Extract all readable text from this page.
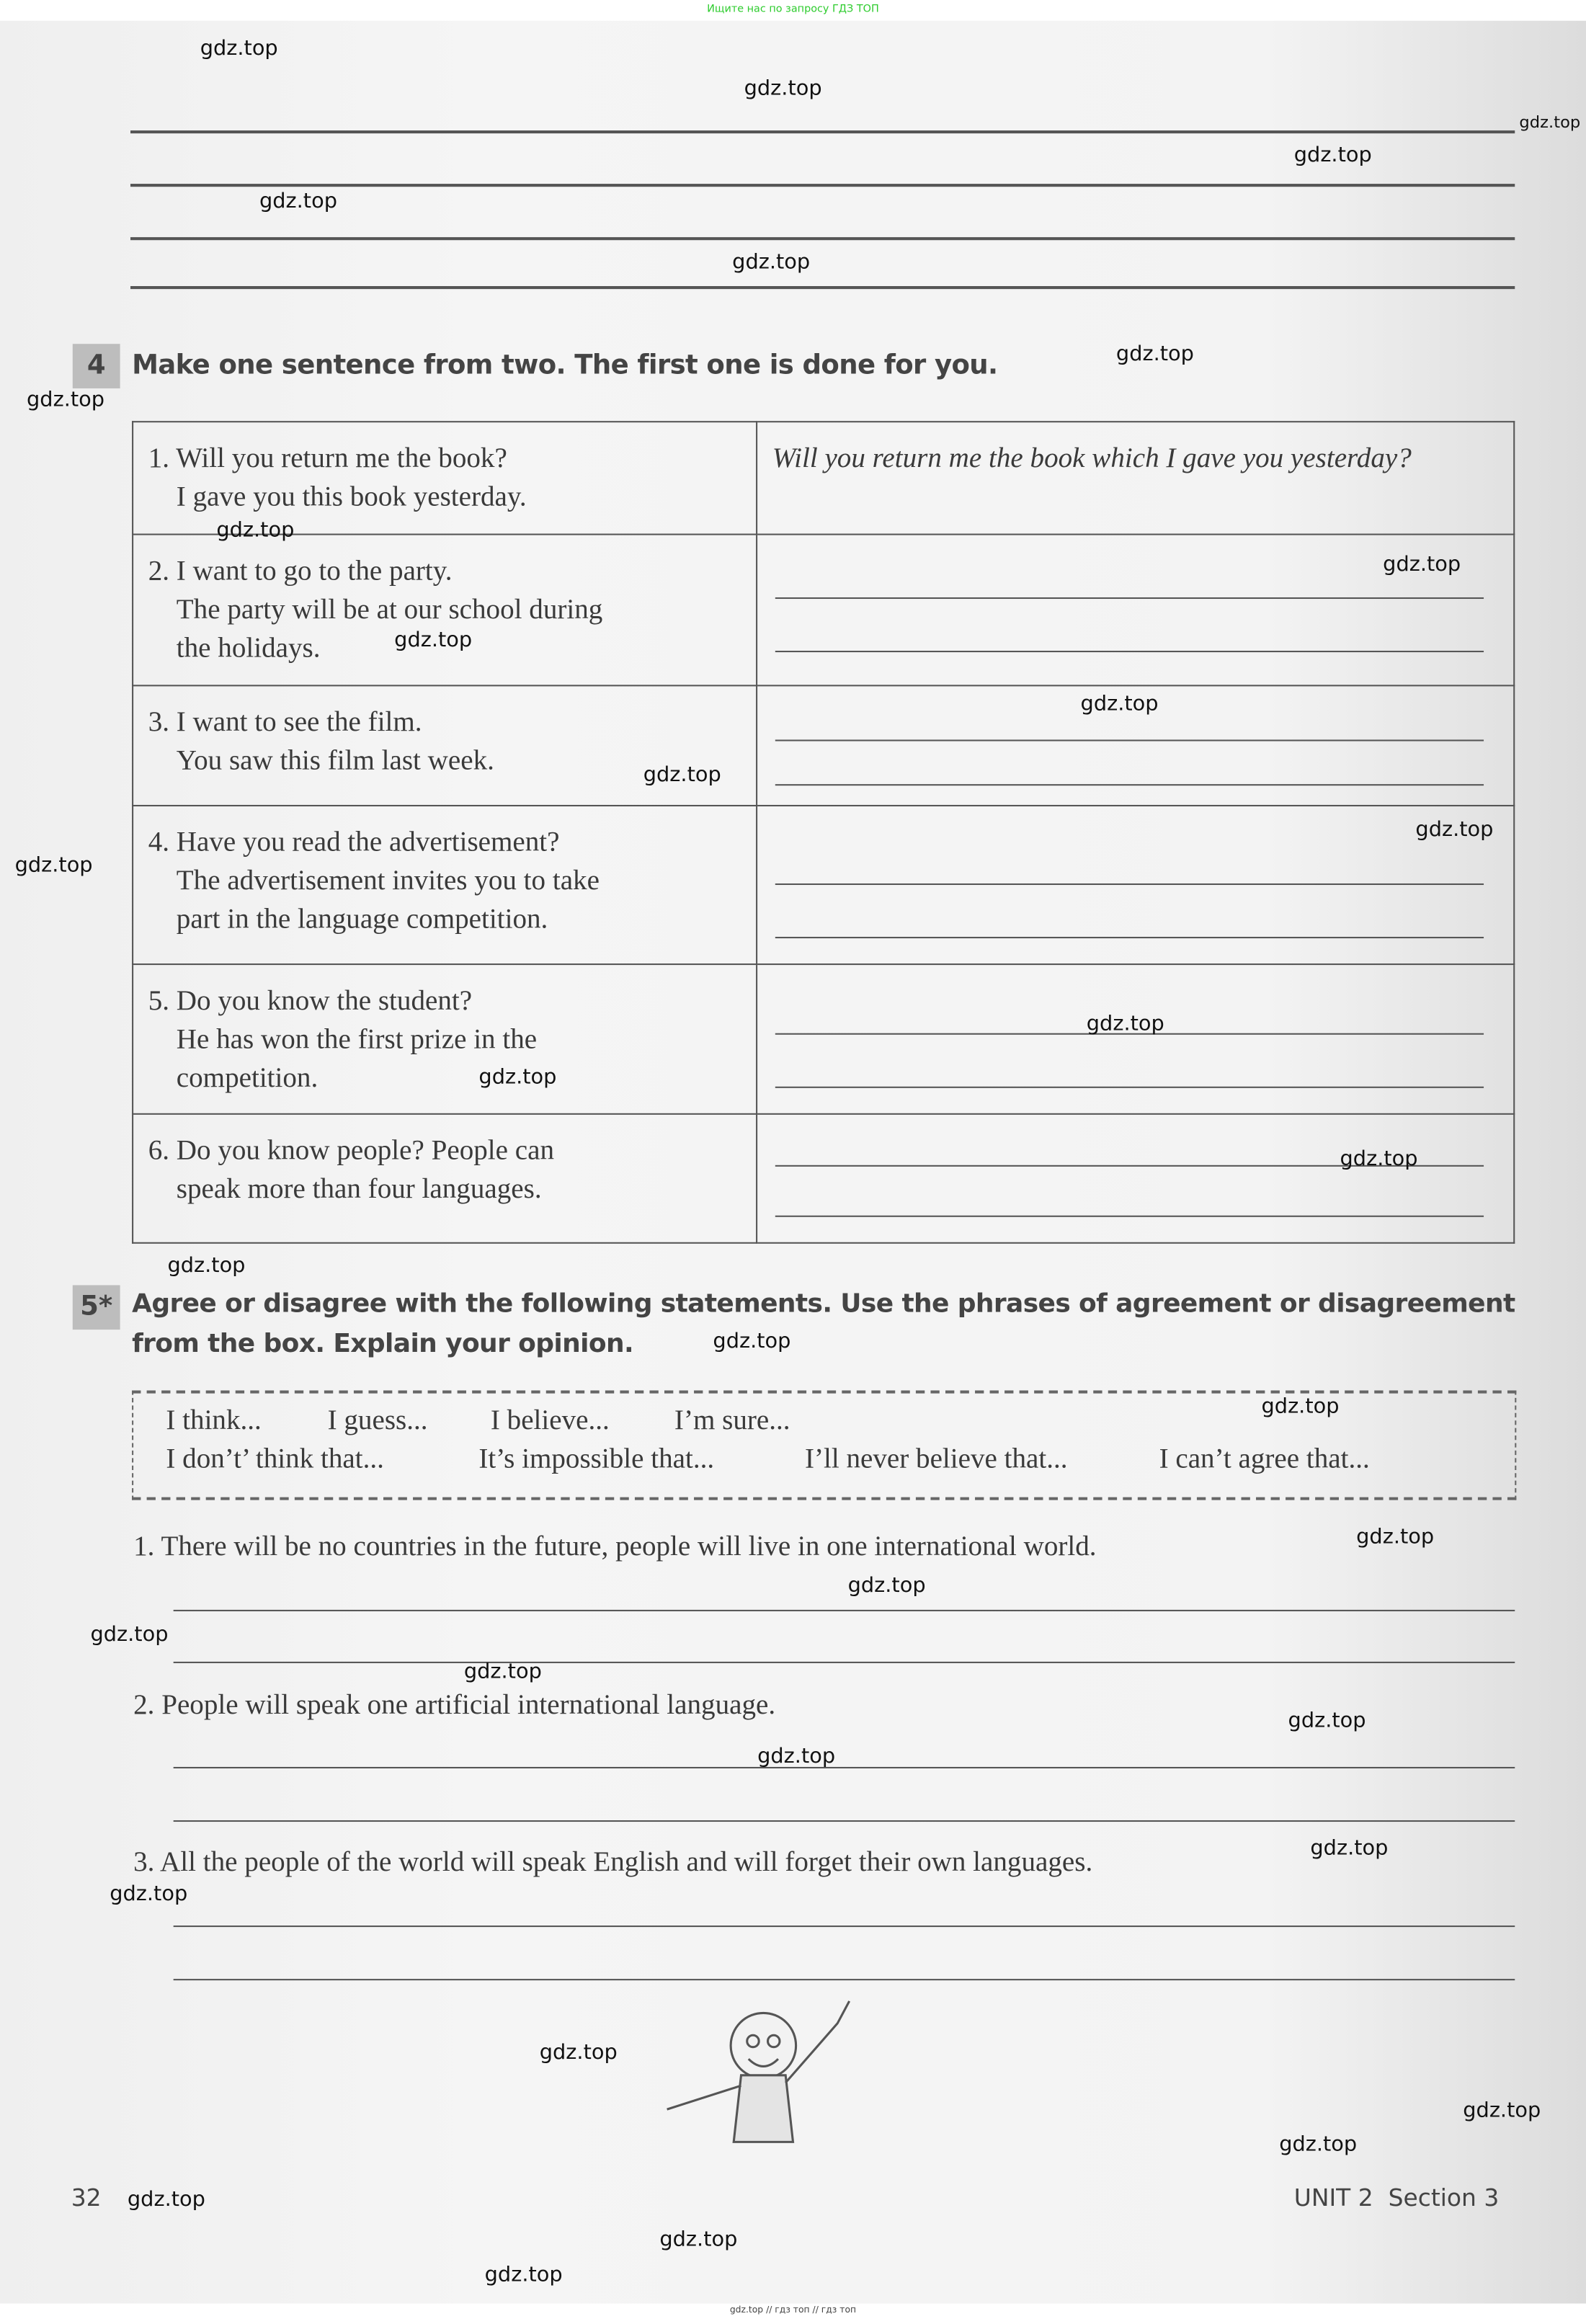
Ищите нас по запросу ГДЗ ТОП
4	Make one sentence from two. The first one is done for you.
1. Will you return me the book?
I gave you this book yesterday.	Will you return me the book which I gave you yesterday?
2. I want to go to the party.
The party will be at our school during
the holidays.	

3. I want to see the film.
You saw this film last week.	

4. Have you read the advertisement?
The advertisement invites you to take
part in the language competition.	

5. Do you know the student?
He has won the first prize in the
competition.	

6. Do you know people? People can
speak more than four languages.	
5*	Agree or disagree with the following statements. Use the phrases of agreement or disagreement
from the box. Explain your opinion.
I think...	I guess...	I believe...	I’m sure...
I don’t’ think that...	It’s impossible that...	I’ll never believe that...	I can’t agree that...
1. There will be no countries in the future, people will live in one international world.
2. People will speak one artificial international language.
3. All the people of the world will speak English and will forget their own languages.
32	UNIT 2 Section 3
gdz.top // гдз топ // гдз топ
gdz.top
gdz.top
gdz.top
gdz.top
gdz.top
gdz.top
gdz.top
gdz.top
gdz.top
gdz.top
gdz.top
gdz.top
gdz.top
gdz.top
gdz.top
gdz.top
gdz.top
gdz.top
gdz.top
gdz.top
gdz.top
gdz.top
gdz.top
gdz.top
gdz.top
gdz.top
gdz.top
gdz.top
gdz.top
gdz.top
gdz.top
gdz.top
gdz.top
gdz.top
gdz.top
